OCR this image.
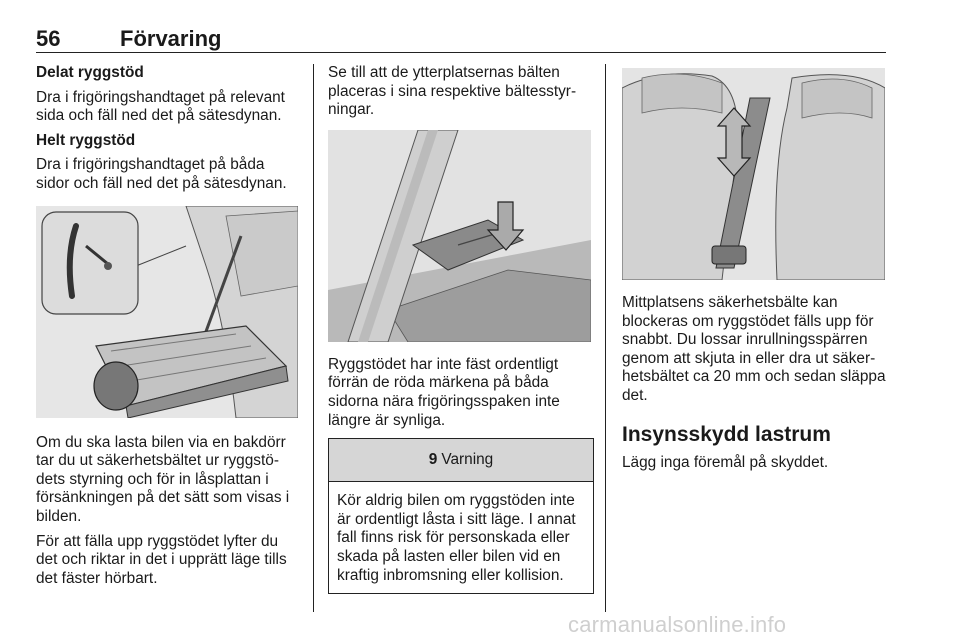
56	Förvaring

Delat ryggstöd

Dra i frigöringshandtaget på relevant sida och fäll ned det på sätesdynan.

Helt ryggstöd

Dra i frigöringshandtaget på båda sidor och fäll ned det på sätesdynan.

Om du ska lasta bilen via en bakdörr tar du ut säkerhetsbältet ur ryggstödets styrning och för in låsplattan i försänkningen på det sätt som visas i bilden.

För att fälla upp ryggstödet lyfter du det och riktar in det i upprätt läge tills det fäster hörbart.

Se till att de ytterplatsernas bälten placeras i sina respektive bältesstyrningar.

Ryggstödet har inte fäst ordentligt förrän de röda märkena på båda sidorna nära frigöringsspaken inte längre är synliga.

9 Varning
Kör aldrig bilen om ryggstöden inte är ordentligt låsta i sitt läge. I annat fall finns risk för personskada eller skada på lasten eller bilen vid en kraftig inbromsning eller kollision.

Mittplatsens säkerhetsbälte kan blockeras om ryggstödet fälls upp för snabbt. Du lossar inrullningsspärren genom att skjuta in eller dra ut säkerhetsbältet ca 20 mm och sedan släppa det.

Insynsskydd lastrum

Lägg inga föremål på skyddet.

carmanualsonline.info
